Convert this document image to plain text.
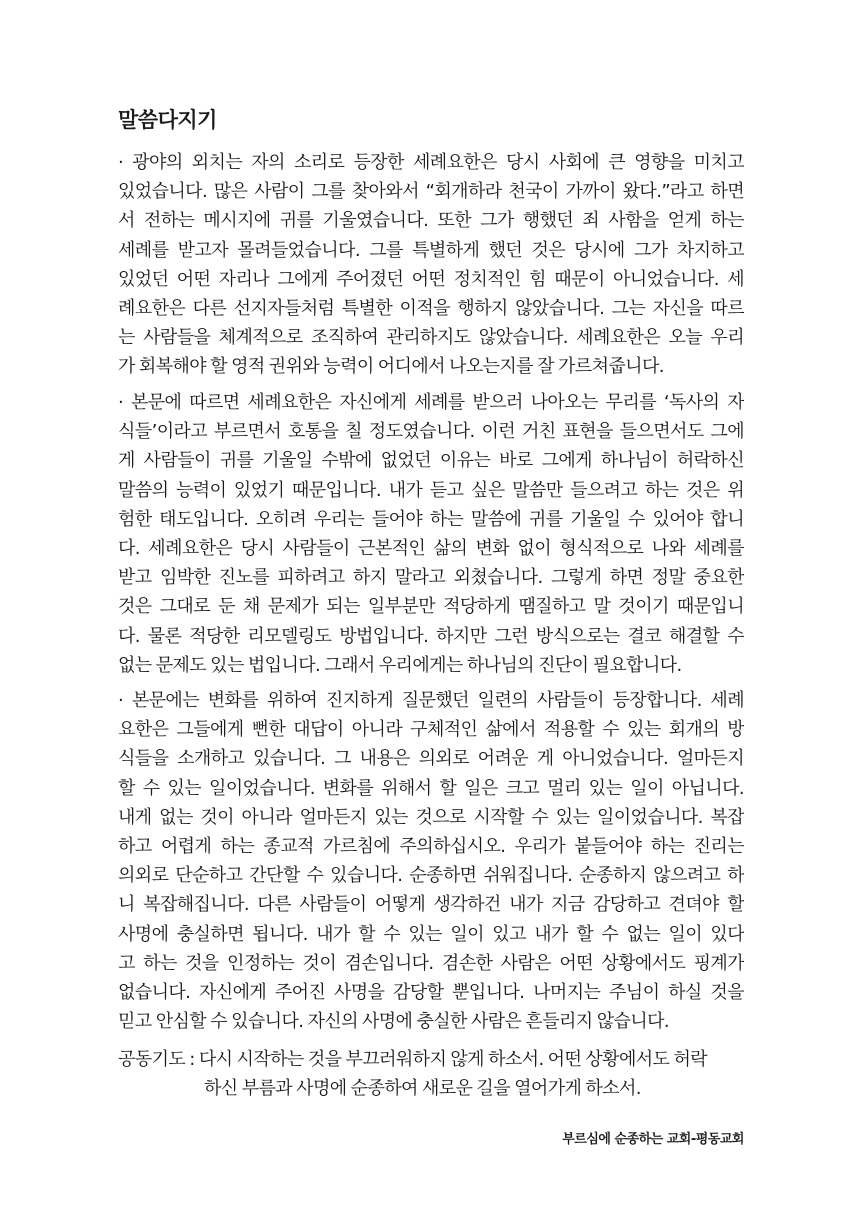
말씀다지기
· 광야의 외치는 자의 소리로 등장한 세례요한은 당시 사회에 큰 영향을 미치고
있었습니다. 많은 사람이 그를 찾아와서 “회개하라 천국이 가까이 왔다.”라고 하면
서 전하는 메시지에 귀를 기울였습니다. 또한 그가 행했던 죄 사함을 얻게 하는
세례를 받고자 몰려들었습니다. 그를 특별하게 했던 것은 당시에 그가 차지하고
있었던 어떤 자리나 그에게 주어졌던 어떤 정치적인 힘 때문이 아니었습니다. 세
례요한은 다른 선지자들처럼 특별한 이적을 행하지 않았습니다. 그는 자신을 따르
는 사람들을 체계적으로 조직하여 관리하지도 않았습니다. 세례요한은 오늘 우리
가 회복해야 할 영적 권위와 능력이 어디에서 나오는지를 잘 가르쳐줍니다.
· 본문에 따르면 세례요한은 자신에게 세례를 받으러 나아오는 무리를 ‘독사의 자
식들’이라고 부르면서 호통을 칠 정도였습니다. 이런 거친 표현을 들으면서도 그에
게 사람들이 귀를 기울일 수밖에 없었던 이유는 바로 그에게 하나님이 허락하신
말씀의 능력이 있었기 때문입니다. 내가 듣고 싶은 말씀만 들으려고 하는 것은 위
험한 태도입니다. 오히려 우리는 들어야 하는 말씀에 귀를 기울일 수 있어야 합니
다. 세례요한은 당시 사람들이 근본적인 삶의 변화 없이 형식적으로 나와 세례를
받고 임박한 진노를 피하려고 하지 말라고 외쳤습니다. 그렇게 하면 정말 중요한
것은 그대로 둔 채 문제가 되는 일부분만 적당하게 땜질하고 말 것이기 때문입니
다. 물론 적당한 리모델링도 방법입니다. 하지만 그런 방식으로는 결코 해결할 수
없는 문제도 있는 법입니다. 그래서 우리에게는 하나님의 진단이 필요합니다.
· 본문에는 변화를 위하여 진지하게 질문했던 일련의 사람들이 등장합니다. 세례
요한은 그들에게 뻔한 대답이 아니라 구체적인 삶에서 적용할 수 있는 회개의 방
식들을 소개하고 있습니다. 그 내용은 의외로 어려운 게 아니었습니다. 얼마든지
할 수 있는 일이었습니다. 변화를 위해서 할 일은 크고 멀리 있는 일이 아닙니다.
내게 없는 것이 아니라 얼마든지 있는 것으로 시작할 수 있는 일이었습니다. 복잡
하고 어렵게 하는 종교적 가르침에 주의하십시오. 우리가 붙들어야 하는 진리는
의외로 단순하고 간단할 수 있습니다. 순종하면 쉬워집니다. 순종하지 않으려고 하
니 복잡해집니다. 다른 사람들이 어떻게 생각하건 내가 지금 감당하고 견뎌야 할
사명에 충실하면 됩니다. 내가 할 수 있는 일이 있고 내가 할 수 없는 일이 있다
고 하는 것을 인정하는 것이 겸손입니다. 겸손한 사람은 어떤 상황에서도 핑계가
없습니다. 자신에게 주어진 사명을 감당할 뿐입니다. 나머지는 주님이 하실 것을
믿고 안심할 수 있습니다. 자신의 사명에 충실한 사람은 흔들리지 않습니다.
공동기도 : 다시 시작하는 것을 부끄러워하지 않게 하소서. 어떤 상황에서도 허락
하신 부름과 사명에 순종하여 새로운 길을 열어가게 하소서.
부르심에 순종하는 교회-평동교회
